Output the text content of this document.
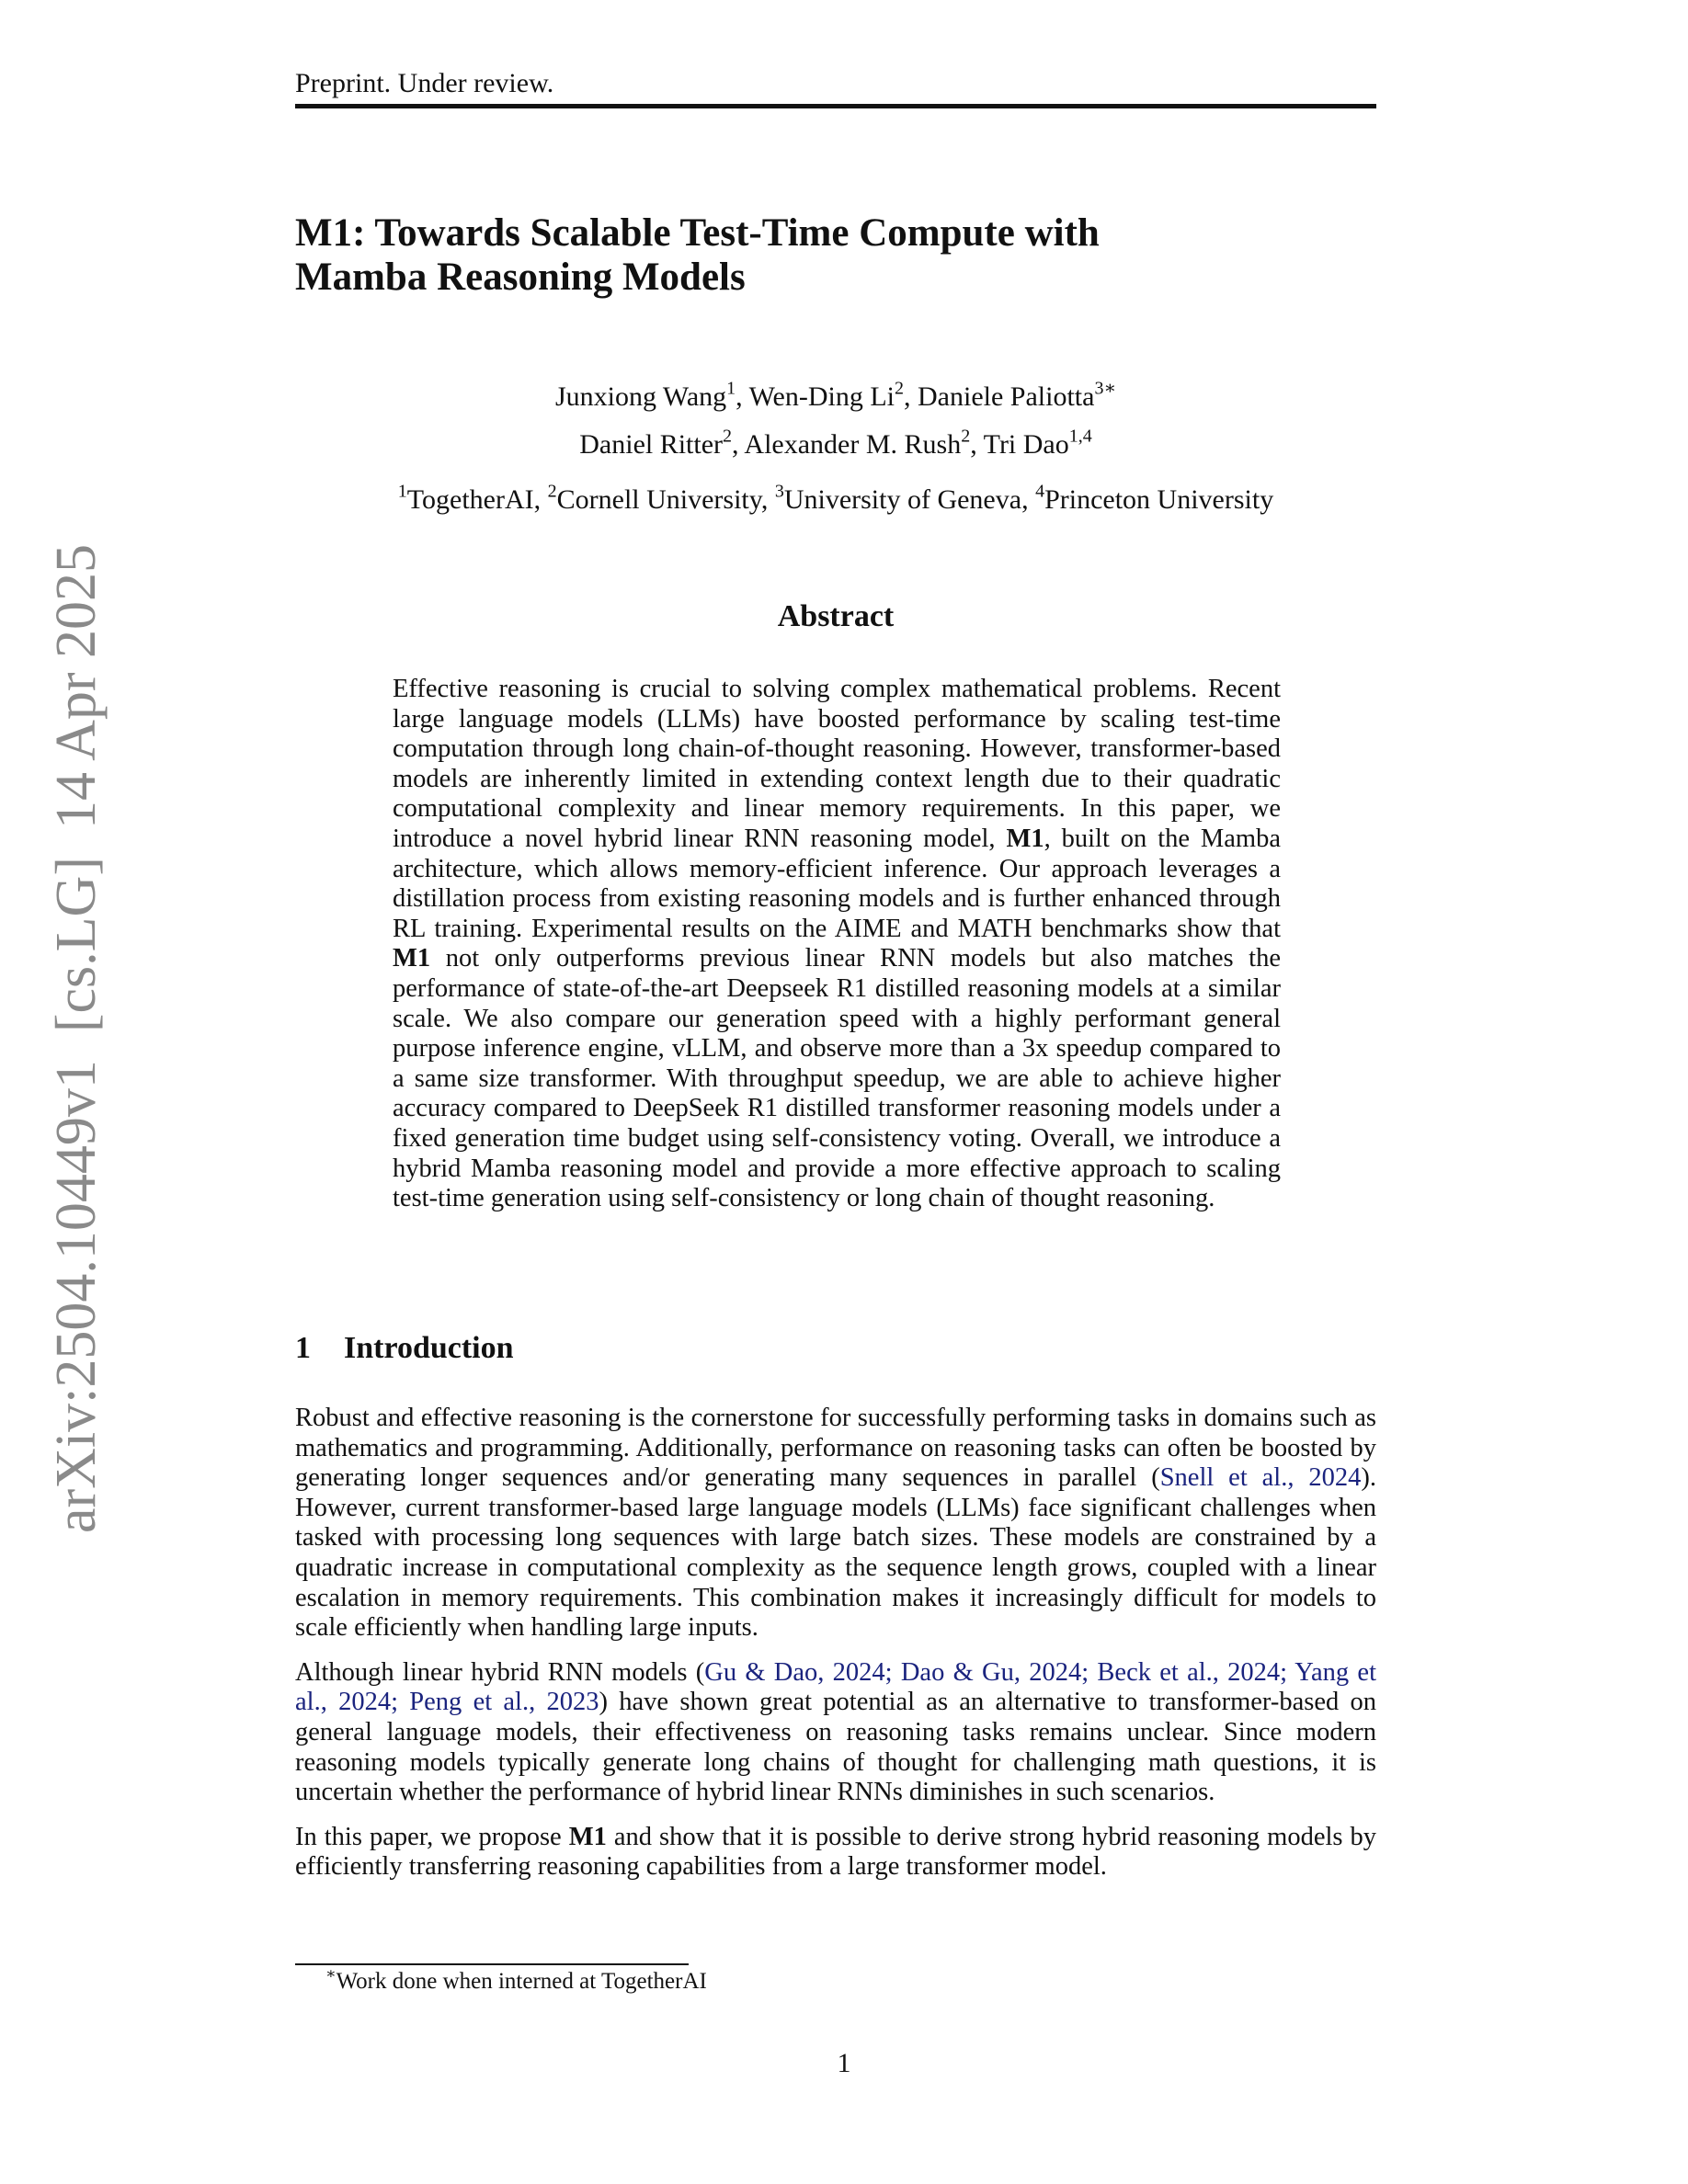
Preprint. Under review.
arXiv:2504.10449v1[cs.LG]14 Apr 2025
M1: Towards Scalable Test-Time Compute with
Mamba Reasoning Models
Junxiong Wang$^1$, Wen-Ding Li$^2$, Daniele Paliotta$^{3∗}$
Daniel Ritter$^2$, Alexander M. Rush$^2$, Tri Dao$^{1,4}$
$^1$TogetherAI, $^2$Cornell University, $^3$University of Geneva, $^4$Princeton University
Abstract

Effective reasoning is crucial to solving complex mathematical problems. Recent large language models (LLMs) have boosted performance by scaling test-time computation through long chain-of-thought reasoning. However, transformer-based models are inherently limited in extending context length due to their quadratic computational complexity and linear memory requirements. In this paper, we introduce a novel hybrid linear RNN reasoning model, M1, built on the Mamba architecture, which allows memory-efficient inference. Our approach leverages a distillation process from existing reasoning models and is further enhanced through RL training. Experimental results on the AIME and MATH benchmarks show that M1 not only outperforms previous linear RNN models but also matches the performance of state-of-the-art Deepseek R1 distilled reasoning models at a similar scale. We also compare our generation speed with a highly performant general purpose inference engine, vLLM, and observe more than a 3x speedup compared to a same size transformer. With throughput speedup, we are able to achieve higher accuracy compared to DeepSeek R1 distilled transformer reasoning models under a fixed generation time budget using self-consistency voting. Overall, we introduce a hybrid Mamba reasoning model and provide a more effective approach to scaling test-time generation using self-consistency or long chain of thought reasoning.

1 Introduction

Robust and effective reasoning is the cornerstone for successfully performing tasks in domains such as mathematics and programming. Additionally, performance on reasoning tasks can often be boosted by generating longer sequences and/or generating many sequences in parallel (Snell et al., 2024). However, current transformer-based large language models (LLMs) face significant challenges when tasked with processing long sequences with large batch sizes. These models are constrained by a quadratic increase in computational complexity as the sequence length grows, coupled with a linear escalation in memory requirements. This combination makes it increasingly difficult for models to scale efficiently when handling large inputs.

Although linear hybrid RNN models (Gu & Dao, 2024; Dao & Gu, 2024; Beck et al., 2024; Yang et al., 2024; Peng et al., 2023) have shown great potential as an alternative to transformer-based on general language models, their effectiveness on reasoning tasks remains unclear. Since modern reasoning models typically generate long chains of thought for challenging math questions, it is uncertain whether the performance of hybrid linear RNNs diminishes in such scenarios.

In this paper, we propose M1 and show that it is possible to derive strong hybrid reasoning models by efficiently transferring reasoning capabilities from a large transformer model.

∗Work done when interned at TogetherAI
1
